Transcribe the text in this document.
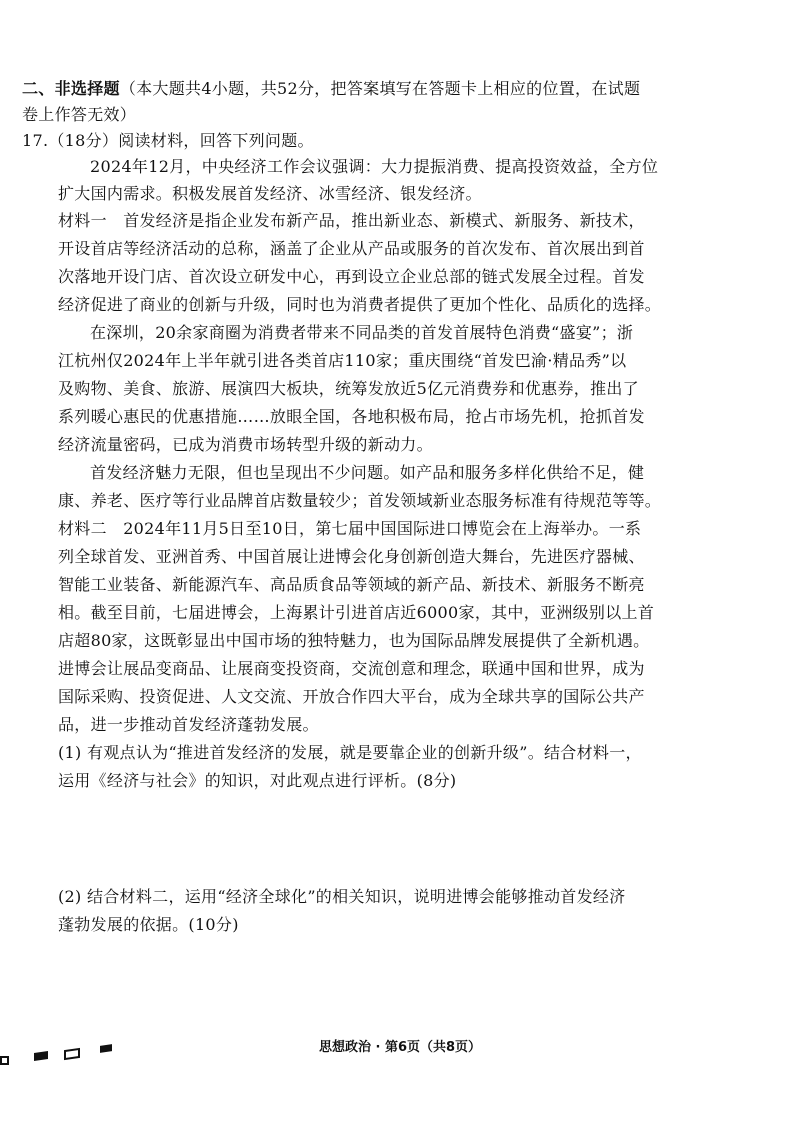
二、非选择题（本大题共4小题，共52分，把答案填写在答题卡上相应的位置，在试题
卷上作答无效）
17.（18分）阅读材料，回答下列问题。
2024年12月，中央经济工作会议强调：大力提振消费、提高投资效益，全方位
扩大国内需求。积极发展首发经济、冰雪经济、银发经济。
材料一　首发经济是指企业发布新产品，推出新业态、新模式、新服务、新技术，
开设首店等经济活动的总称，涵盖了企业从产品或服务的首次发布、首次展出到首
次落地开设门店、首次设立研发中心，再到设立企业总部的链式发展全过程。首发
经济促进了商业的创新与升级，同时也为消费者提供了更加个性化、品质化的选择。
在深圳，20余家商圈为消费者带来不同品类的首发首展特色消费“盛宴”；浙
江杭州仅2024年上半年就引进各类首店110家；重庆围绕“首发巴渝·精品秀”以
及购物、美食、旅游、展演四大板块，统筹发放近5亿元消费券和优惠券，推出了
系列暖心惠民的优惠措施……放眼全国，各地积极布局，抢占市场先机，抢抓首发
经济流量密码，已成为消费市场转型升级的新动力。
首发经济魅力无限，但也呈现出不少问题。如产品和服务多样化供给不足，健
康、养老、医疗等行业品牌首店数量较少；首发领域新业态服务标准有待规范等等。
材料二　2024年11月5日至10日，第七届中国国际进口博览会在上海举办。一系
列全球首发、亚洲首秀、中国首展让进博会化身创新创造大舞台，先进医疗器械、
智能工业装备、新能源汽车、高品质食品等领域的新产品、新技术、新服务不断亮
相。截至目前，七届进博会，上海累计引进首店近6000家，其中，亚洲级别以上首
店超80家，这既彰显出中国市场的独特魅力，也为国际品牌发展提供了全新机遇。
进博会让展品变商品、让展商变投资商，交流创意和理念，联通中国和世界，成为
国际采购、投资促进、人文交流、开放合作四大平台，成为全球共享的国际公共产
品，进一步推动首发经济蓬勃发展。
(1) 有观点认为“推进首发经济的发展，就是要靠企业的创新升级”。结合材料一，
运用《经济与社会》的知识，对此观点进行评析。(8分)
(2) 结合材料二，运用“经济全球化”的相关知识，说明进博会能够推动首发经济
蓬勃发展的依据。(10分)
思想政治 · 第6页（共8页）
